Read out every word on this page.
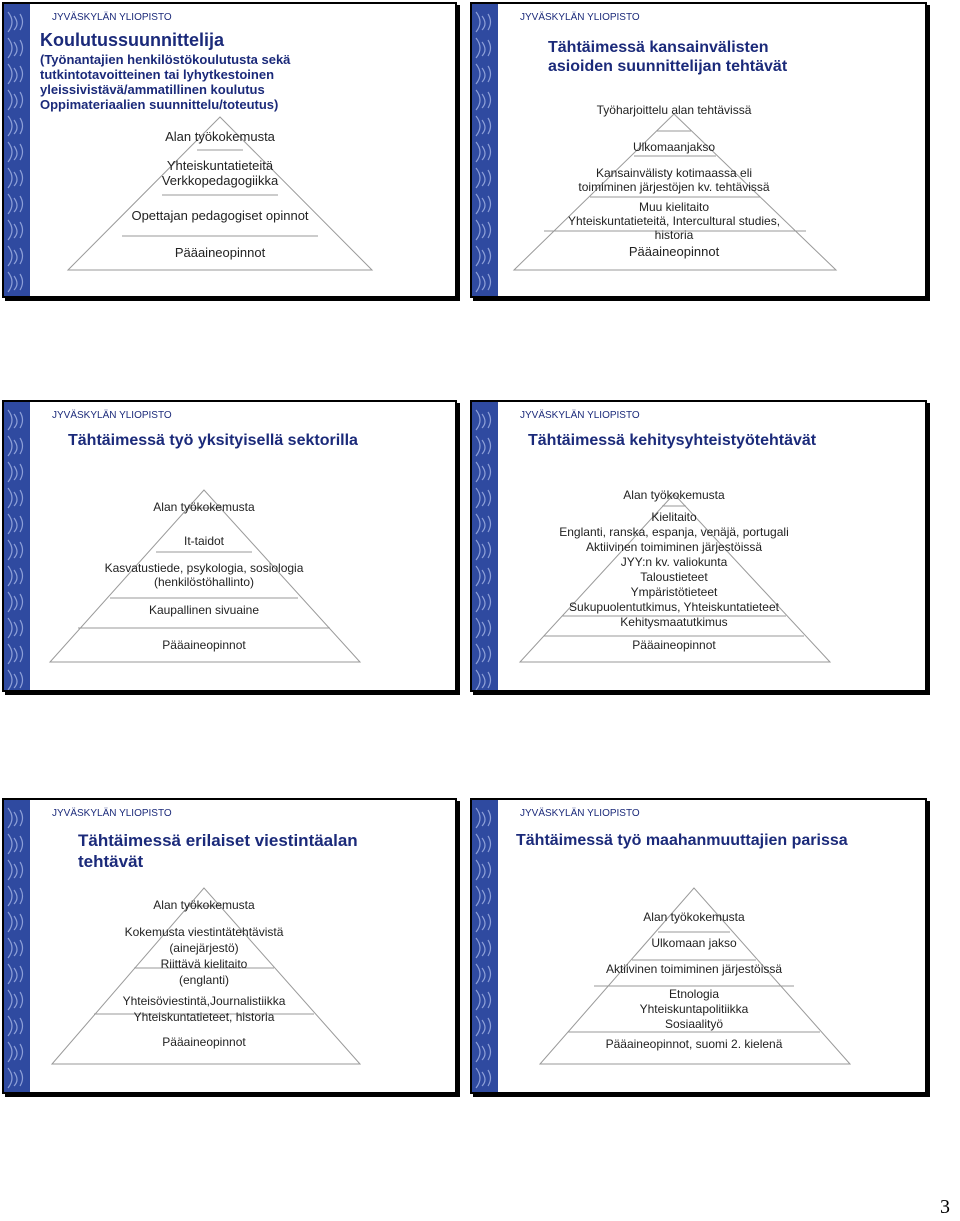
JYVÄSKYLÄN YLIOPISTO
Koulutussuunnittelija
(Työnantajien henkilöstökoulutusta sekä
tutkintotavoitteinen tai lyhytkestoinen
yleissivistävä/ammatillinen koulutus
Oppimateriaalien suunnittelu/toteutus)
Alan työkokemusta
Yhteiskuntatieteitä
Verkkopedagogiikka
Opettajan pedagogiset opinnot
Pääaineopinnot
JYVÄSKYLÄN YLIOPISTO
Tähtäimessä kansainvälisten
asioiden suunnittelijan tehtävät
Työharjoittelu alan tehtävissä
Ulkomaanjakso
Kansainvälisty kotimaassa eli
toimiminen järjestöjen kv. tehtävissä
Muu kielitaito
Yhteiskuntatieteitä, Intercultural studies, historia
Pääaineopinnot
JYVÄSKYLÄN YLIOPISTO
Tähtäimessä työ yksityisellä sektorilla
Alan työkokemusta
It-taidot
Kasvatustiede, psykologia, sosiologia
(henkilöstöhallinto)
Kaupallinen sivuaine
Pääaineopinnot
JYVÄSKYLÄN YLIOPISTO
Tähtäimessä kehitysyhteistyötehtävät
Alan työkokemusta
Kielitaito
Englanti, ranska, espanja, venäjä, portugali
Aktiivinen toimiminen järjestöissä
JYY:n kv. valiokunta
Taloustieteet
Ympäristötieteet
Sukupuolentutkimus, Yhteiskuntatieteet
Kehitysmaatutkimus
Pääaineopinnot
JYVÄSKYLÄN YLIOPISTO
Tähtäimessä erilaiset viestintäalan
tehtävät
Alan työkokemusta
Kokemusta viestintätehtävistä
(ainejärjestö)
Riittävä kielitaito
(englanti)
Yhteisöviestintä,Journalistiikka
Yhteiskuntatieteet, historia
Pääaineopinnot
JYVÄSKYLÄN YLIOPISTO
Tähtäimessä työ maahanmuuttajien parissa
Alan työkokemusta
Ulkomaan jakso
Aktiivinen toimiminen järjestöissä
Etnologia
Yhteiskuntapolitiikka
Sosiaalityö
Pääaineopinnot, suomi 2. kielenä
3
